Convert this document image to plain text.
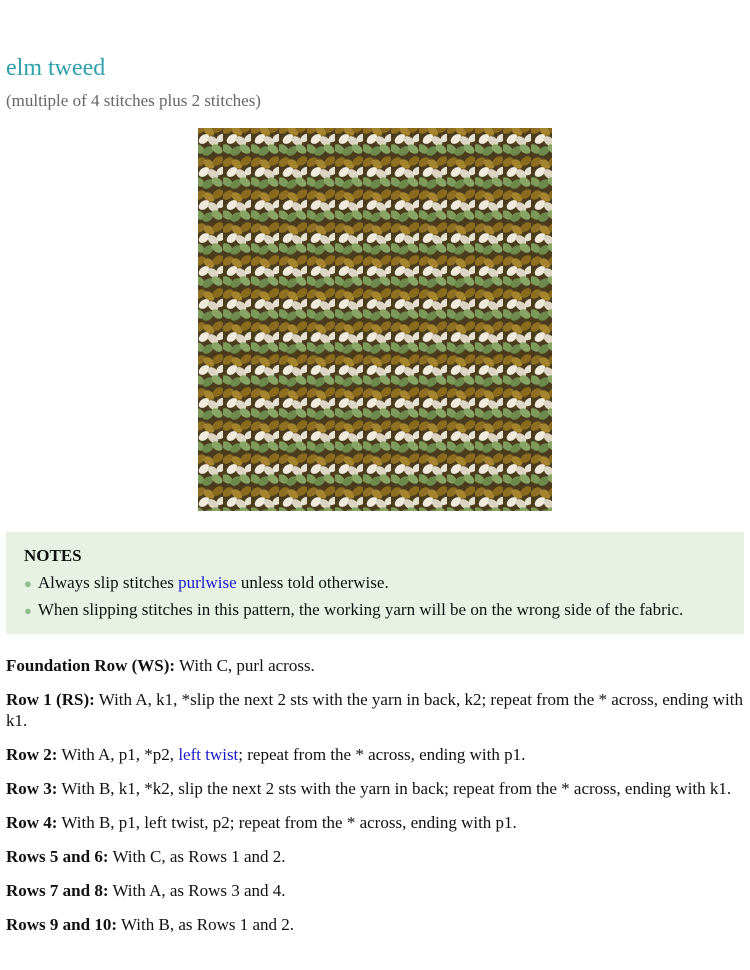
elm tweed

(multiple of 4 stitches plus 2 stitches)

NOTES

● Always slip stitches purlwise unless told otherwise.
● When slipping stitches in this pattern, the working yarn will be on the wrong side of the fabric.

Foundation Row (WS): With C, purl across.

Row 1 (RS): With A, k1, *slip the next 2 sts with the yarn in back, k2; repeat from the * across, ending with k1.

Row 2: With A, p1, *p2, left twist; repeat from the * across, ending with p1.

Row 3: With B, k1, *k2, slip the next 2 sts with the yarn in back; repeat from the * across, ending with k1.

Row 4: With B, p1, left twist, p2; repeat from the * across, ending with p1.

Rows 5 and 6: With C, as Rows 1 and 2.

Rows 7 and 8: With A, as Rows 3 and 4.

Rows 9 and 10: With B, as Rows 1 and 2.
